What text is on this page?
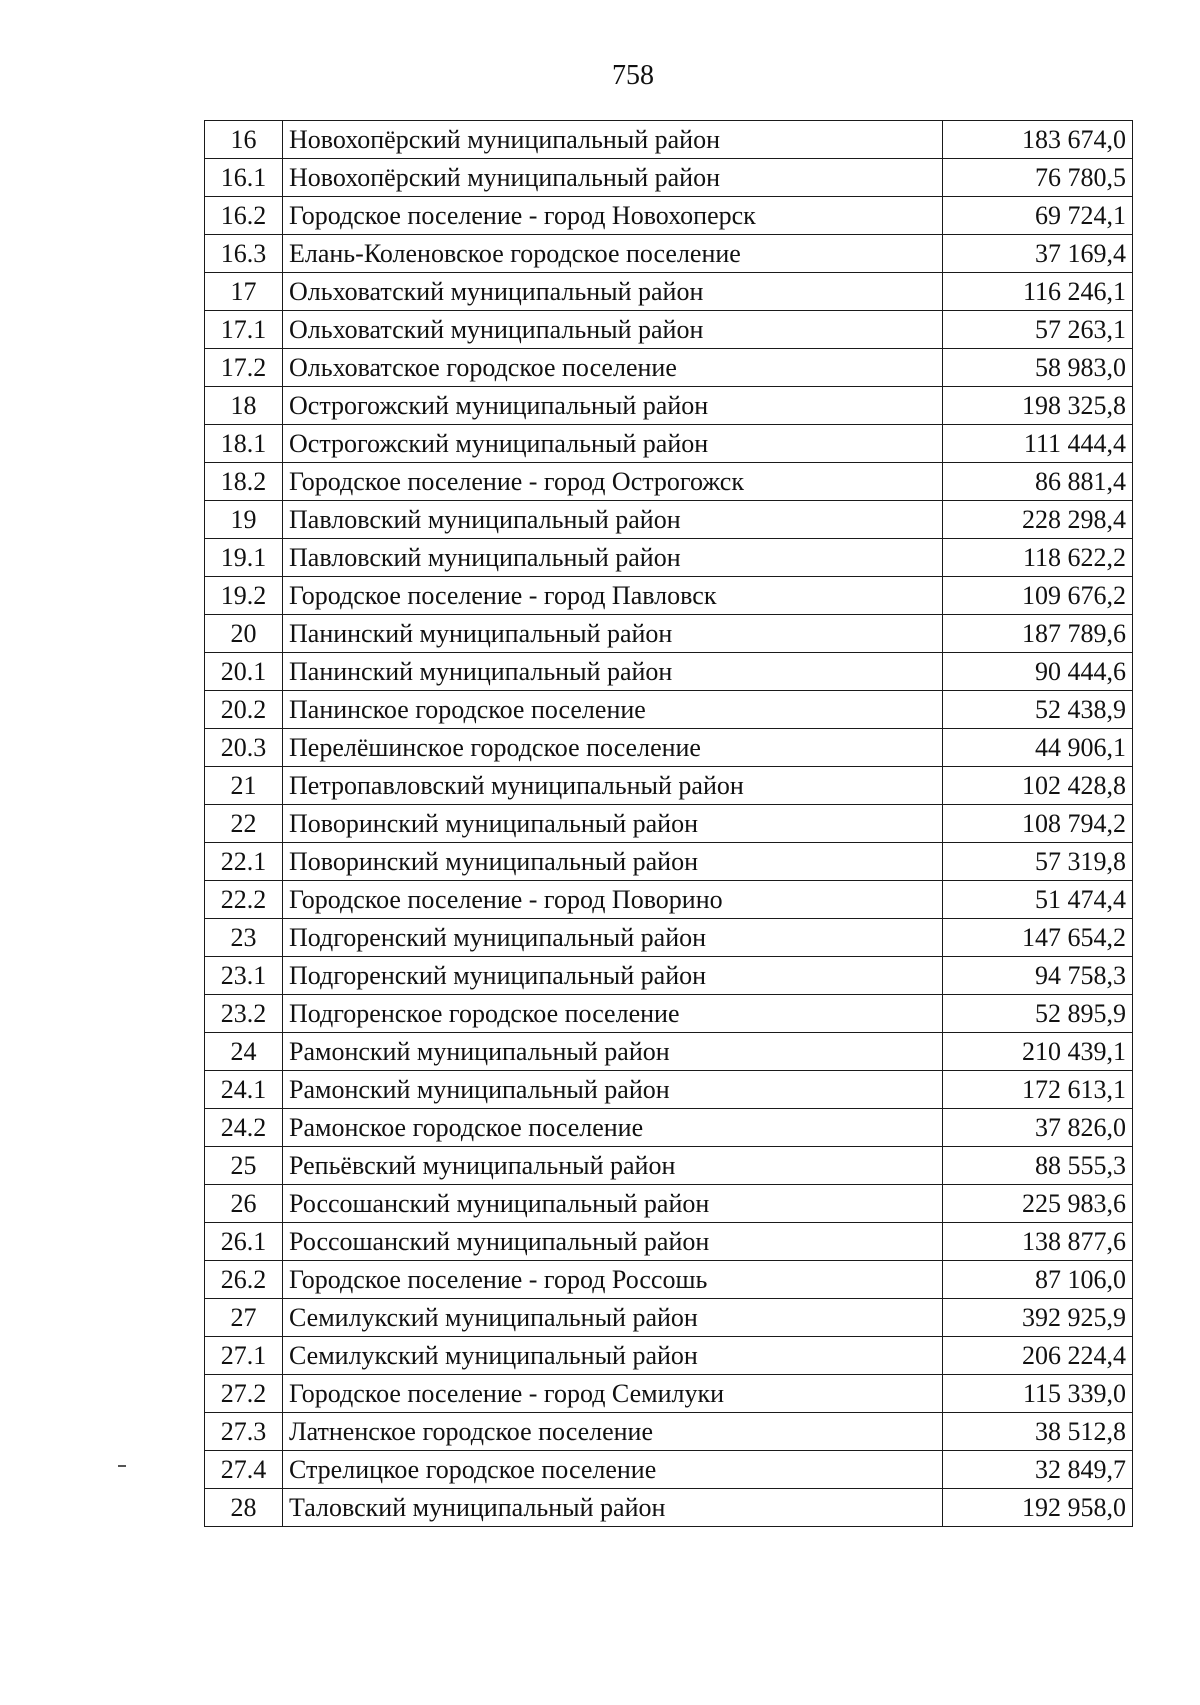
758
16	Новохопёрский муниципальный район	183 674,0
16.1	Новохопёрский муниципальный район	76 780,5
16.2	Городское поселение - город Новохоперск	69 724,1
16.3	Елань-Коленовское городское поселение	37 169,4
17	Ольховатский муниципальный район	116 246,1
17.1	Ольховатский муниципальный район	57 263,1
17.2	Ольховатское городское поселение	58 983,0
18	Острогожский муниципальный район	198 325,8
18.1	Острогожский муниципальный район	111 444,4
18.2	Городское поселение - город Острогожск	86 881,4
19	Павловский муниципальный район	228 298,4
19.1	Павловский муниципальный район	118 622,2
19.2	Городское поселение - город Павловск	109 676,2
20	Панинский муниципальный район	187 789,6
20.1	Панинский муниципальный район	90 444,6
20.2	Панинское городское поселение	52 438,9
20.3	Перелёшинское городское поселение	44 906,1
21	Петропавловский муниципальный район	102 428,8
22	Поворинский муниципальный район	108 794,2
22.1	Поворинский муниципальный район	57 319,8
22.2	Городское поселение - город Поворино	51 474,4
23	Подгоренский муниципальный район	147 654,2
23.1	Подгоренский муниципальный район	94 758,3
23.2	Подгоренское городское поселение	52 895,9
24	Рамонский муниципальный район	210 439,1
24.1	Рамонский муниципальный район	172 613,1
24.2	Рамонское городское поселение	37 826,0
25	Репьёвский муниципальный район	88 555,3
26	Россошанский муниципальный район	225 983,6
26.1	Россошанский муниципальный район	138 877,6
26.2	Городское поселение - город Россошь	87 106,0
27	Семилукский муниципальный район	392 925,9
27.1	Семилукский муниципальный район	206 224,4
27.2	Городское поселение - город Семилуки	115 339,0
27.3	Латненское городское поселение	38 512,8
27.4	Стрелицкое городское поселение	32 849,7
28	Таловский муниципальный район	192 958,0
